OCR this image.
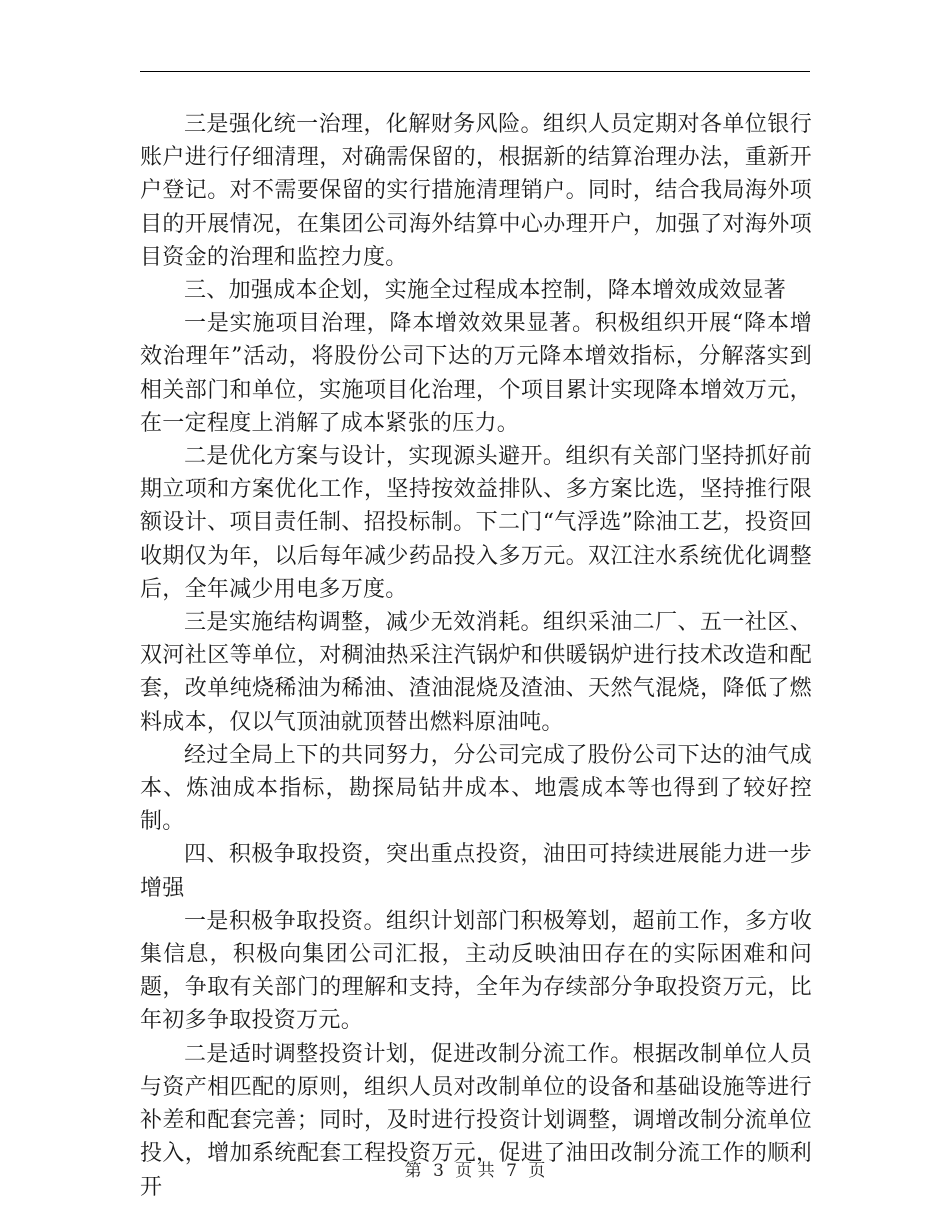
三是强化统一治理，化解财务风险。组织人员定期对各单位银行账户进行仔细清理，对确需保留的，根据新的结算治理办法，重新开户登记。对不需要保留的实行措施清理销户。同时，结合我局海外项目的开展情况，在集团公司海外结算中心办理开户，加强了对海外项目资金的治理和监控力度。

三、加强成本企划，实施全过程成本控制，降本增效成效显著

一是实施项目治理，降本增效效果显著。积极组织开展“降本增效治理年”活动，将股份公司下达的万元降本增效指标，分解落实到相关部门和单位，实施项目化治理，个项目累计实现降本增效万元，在一定程度上消解了成本紧张的压力。

二是优化方案与设计，实现源头避开。组织有关部门坚持抓好前期立项和方案优化工作，坚持按效益排队、多方案比选，坚持推行限额设计、项目责任制、招投标制。下二门“气浮选”除油工艺，投资回收期仅为年，以后每年减少药品投入多万元。双江注水系统优化调整后，全年减少用电多万度。

三是实施结构调整，减少无效消耗。组织采油二厂、五一社区、双河社区等单位，对稠油热采注汽锅炉和供暖锅炉进行技术改造和配套，改单纯烧稀油为稀油、渣油混烧及渣油、天然气混烧，降低了燃料成本，仅以气顶油就顶替出燃料原油吨。

经过全局上下的共同努力，分公司完成了股份公司下达的油气成本、炼油成本指标，勘探局钻井成本、地震成本等也得到了较好控制。

四、积极争取投资，突出重点投资，油田可持续进展能力进一步增强

一是积极争取投资。组织计划部门积极筹划，超前工作，多方收集信息，积极向集团公司汇报，主动反映油田存在的实际困难和问题，争取有关部门的理解和支持，全年为存续部分争取投资万元，比年初多争取投资万元。

二是适时调整投资计划，促进改制分流工作。根据改制单位人员与资产相匹配的原则，组织人员对改制单位的设备和基础设施等进行补差和配套完善；同时，及时进行投资计划调整，调增改制分流单位投入，增加系统配套工程投资万元，促进了油田改制分流工作的顺利开

第 3 页 共 7 页
